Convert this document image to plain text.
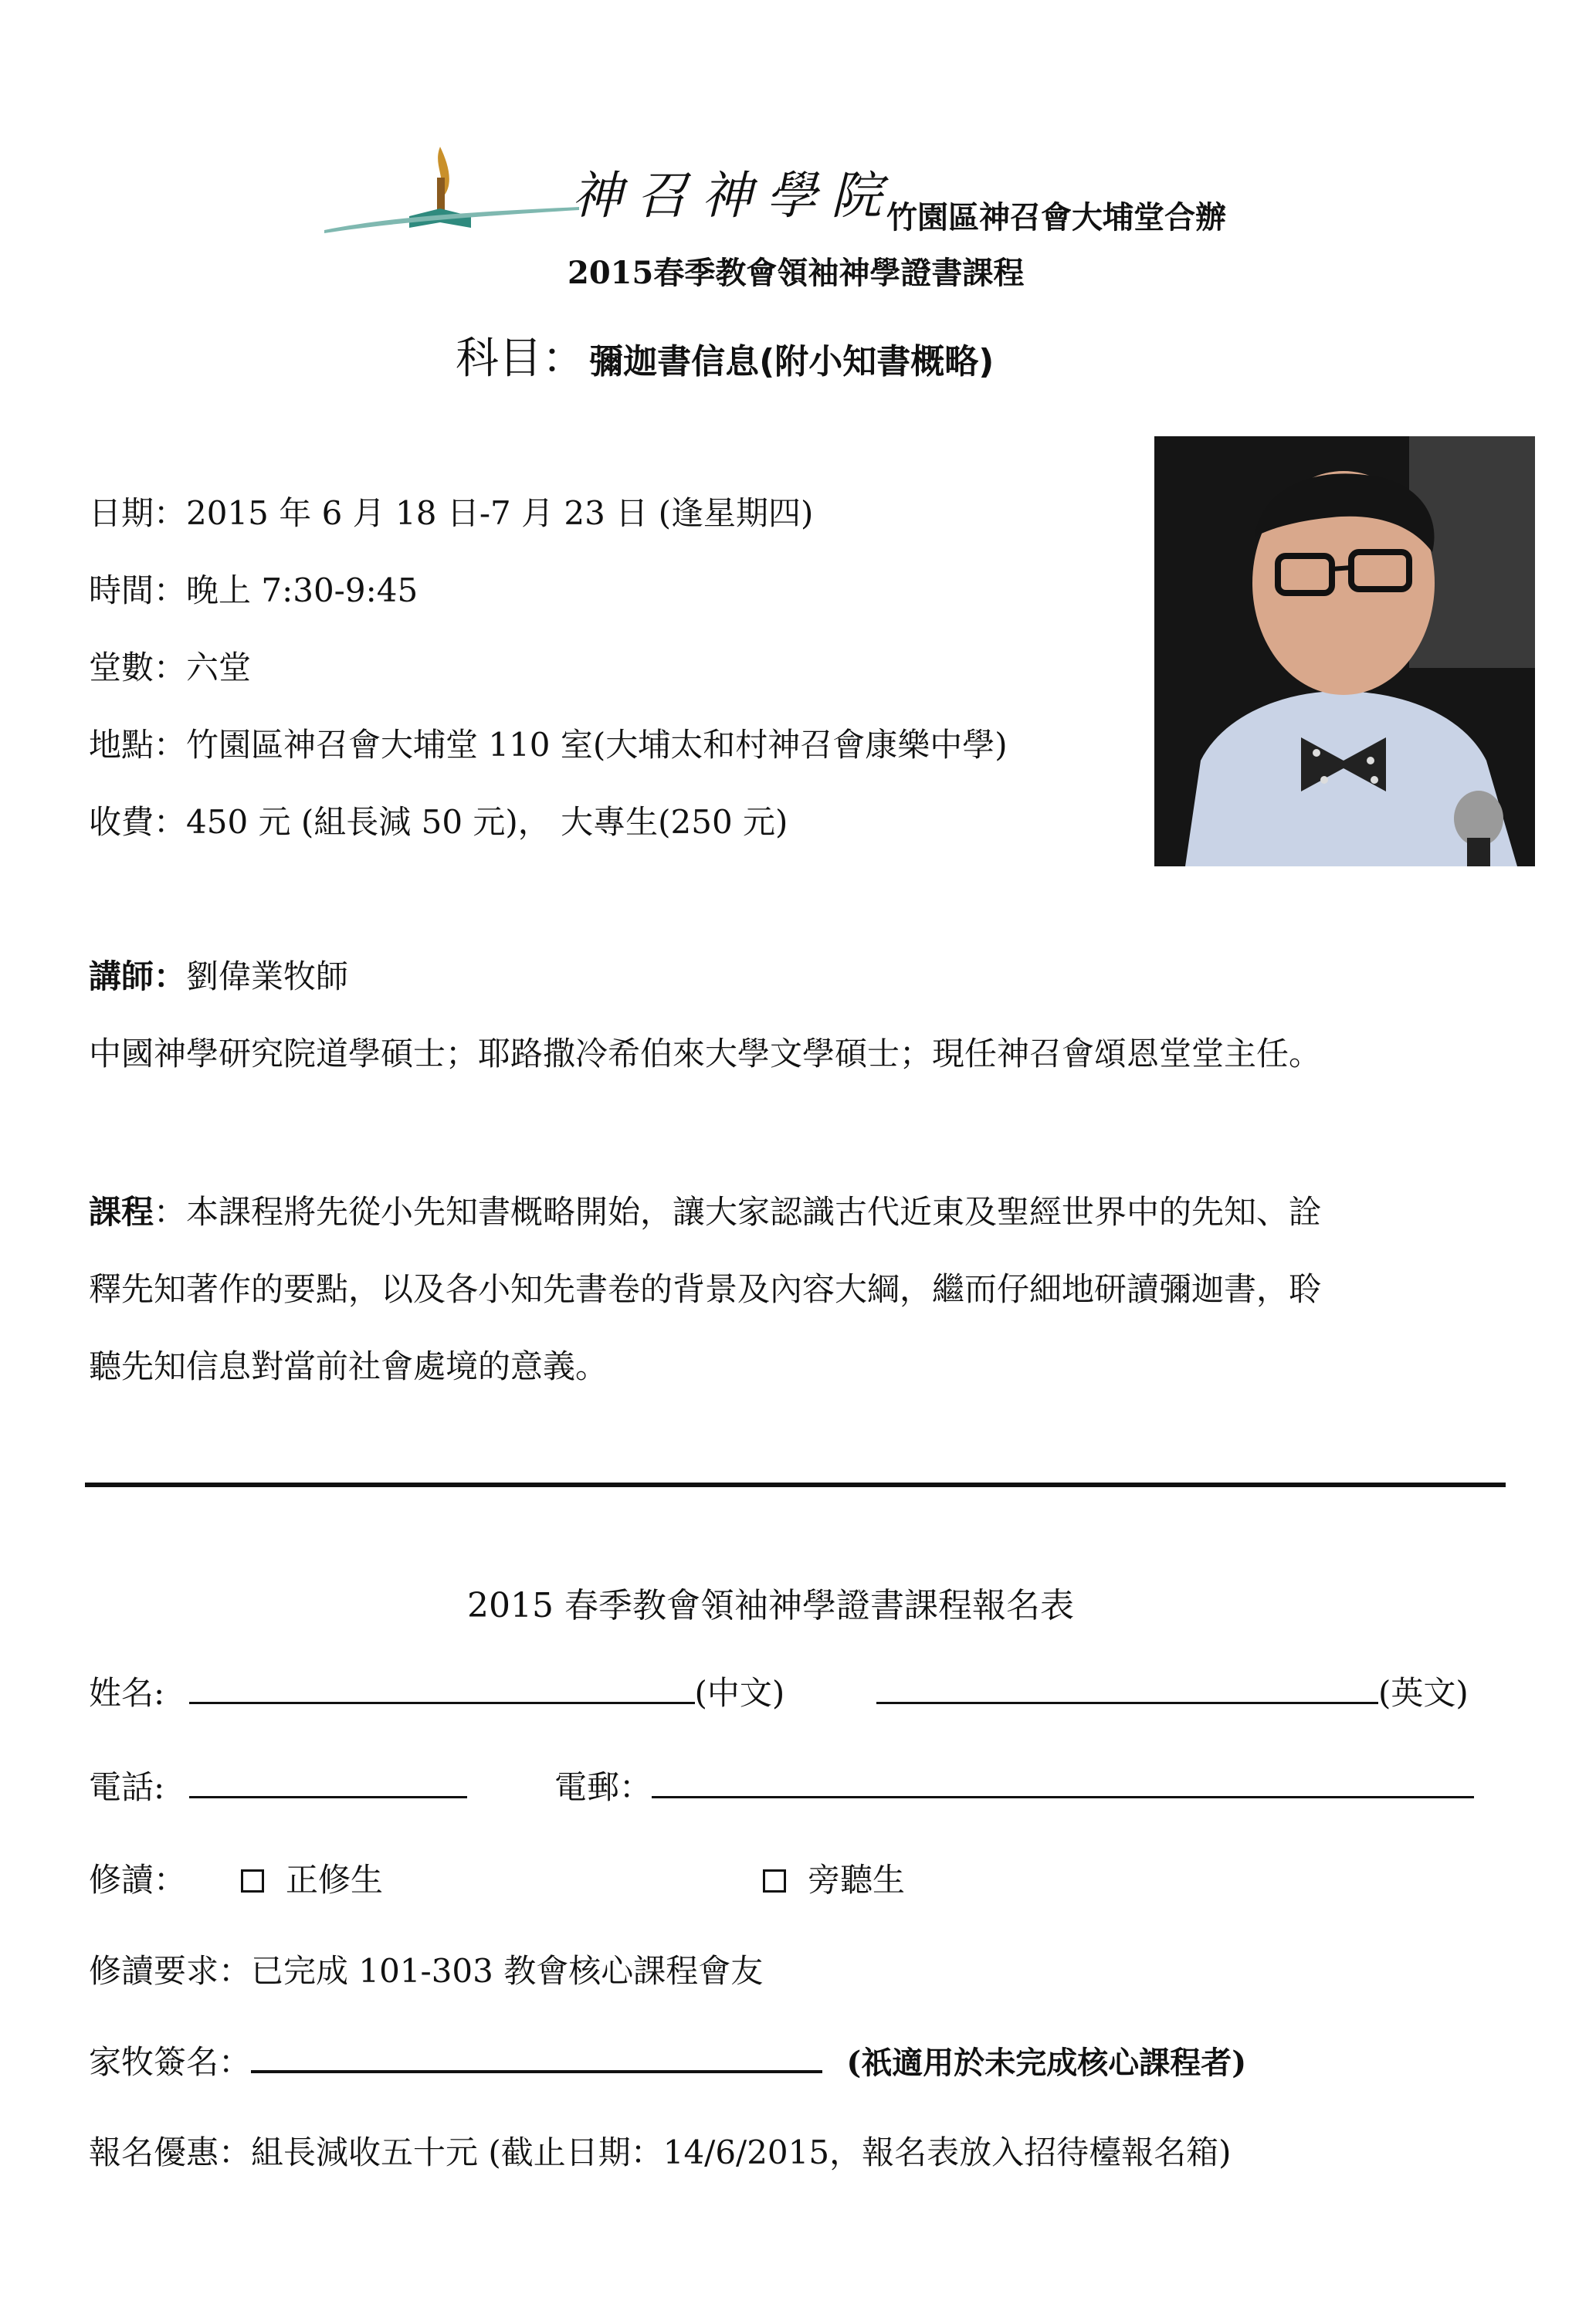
神召神學院
竹園區神召會大埔堂合辦
2015春季教會領袖神學證書課程
科目： 彌迦書信息(附小知書概略)
日期：2015 年 6 月 18 日-7 月 23 日 (逢星期四)
時間：晚上 7:30-9:45
堂數：六堂
地點：竹園區神召會大埔堂 110 室(大埔太和村神召會康樂中學)
收費：450 元 (組長減 50 元)， 大專生(250 元)
講師：劉偉業牧師
中國神學研究院道學碩士；耶路撒冷希伯來大學文學碩士；現任神召會頌恩堂堂主任。
課程：本課程將先從小先知書概略開始，讓大家認識古代近東及聖經世界中的先知、詮
釋先知著作的要點，以及各小知先書卷的背景及內容大綱，繼而仔細地研讀彌迦書，聆
聽先知信息對當前社會處境的意義。
2015 春季教會領袖神學證書課程報名表
姓名:	(中文)	(英文)
電話:	電郵：
修讀：	正修生	旁聽生
修讀要求：已完成 101-303 教會核心課程會友
家牧簽名：	(祇適用於未完成核心課程者)
報名優惠：組長減收五十元 (截止日期：14/6/2015，報名表放入招待檯報名箱)
